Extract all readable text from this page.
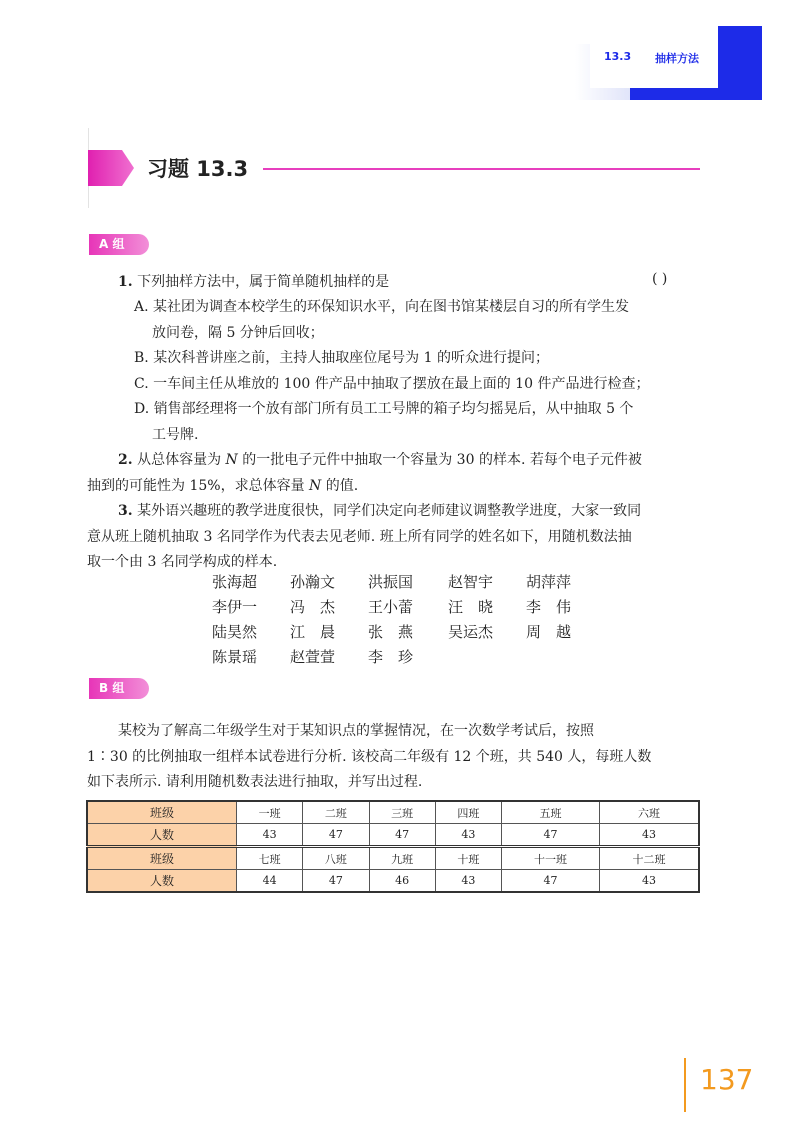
13.3 抽样方法
习题 13.3
A 组
1. 下列抽样方法中，属于简单随机抽样的是	( )
A. 某社团为调查本校学生的环保知识水平，向在图书馆某楼层自习的所有学生发
放问卷，隔 5 分钟后回收；
B. 某次科普讲座之前，主持人抽取座位尾号为 1 的听众进行提问；
C. 一车间主任从堆放的 100 件产品中抽取了摆放在最上面的 10 件产品进行检查；
D. 销售部经理将一个放有部门所有员工工号牌的箱子均匀摇晃后，从中抽取 5 个
工号牌.
2. 从总体容量为 N 的一批电子元件中抽取一个容量为 30 的样本. 若每个电子元件被
抽到的可能性为 15%，求总体容量 N 的值.
3. 某外语兴趣班的教学进度很快，同学们决定向老师建议调整教学进度，大家一致同
意从班上随机抽取 3 名同学作为代表去见老师. 班上所有同学的姓名如下，用随机数法抽
取一个由 3 名同学构成的样本.
张海超 孙瀚文 洪振国 赵智宇 胡萍萍
李伊一 冯　杰 王小蕾 汪　晓 李　伟
陆昊然 江　晨 张　燕 吴运杰 周　越
陈景瑶 赵萱萱 李　珍
B 组
某校为了解高二年级学生对于某知识点的掌握情况，在一次数学考试后，按照
1∶30 的比例抽取一组样本试卷进行分析. 该校高二年级有 12 个班，共 540 人，每班人数
如下表所示. 请利用随机数表法进行抽取，并写出过程.
班级	一班	二班	三班	四班	五班	六班
人数	43	47	47	43	47	43
班级	七班	八班	九班	十班	十一班	十二班
人数	44	47	46	43	47	43
137
